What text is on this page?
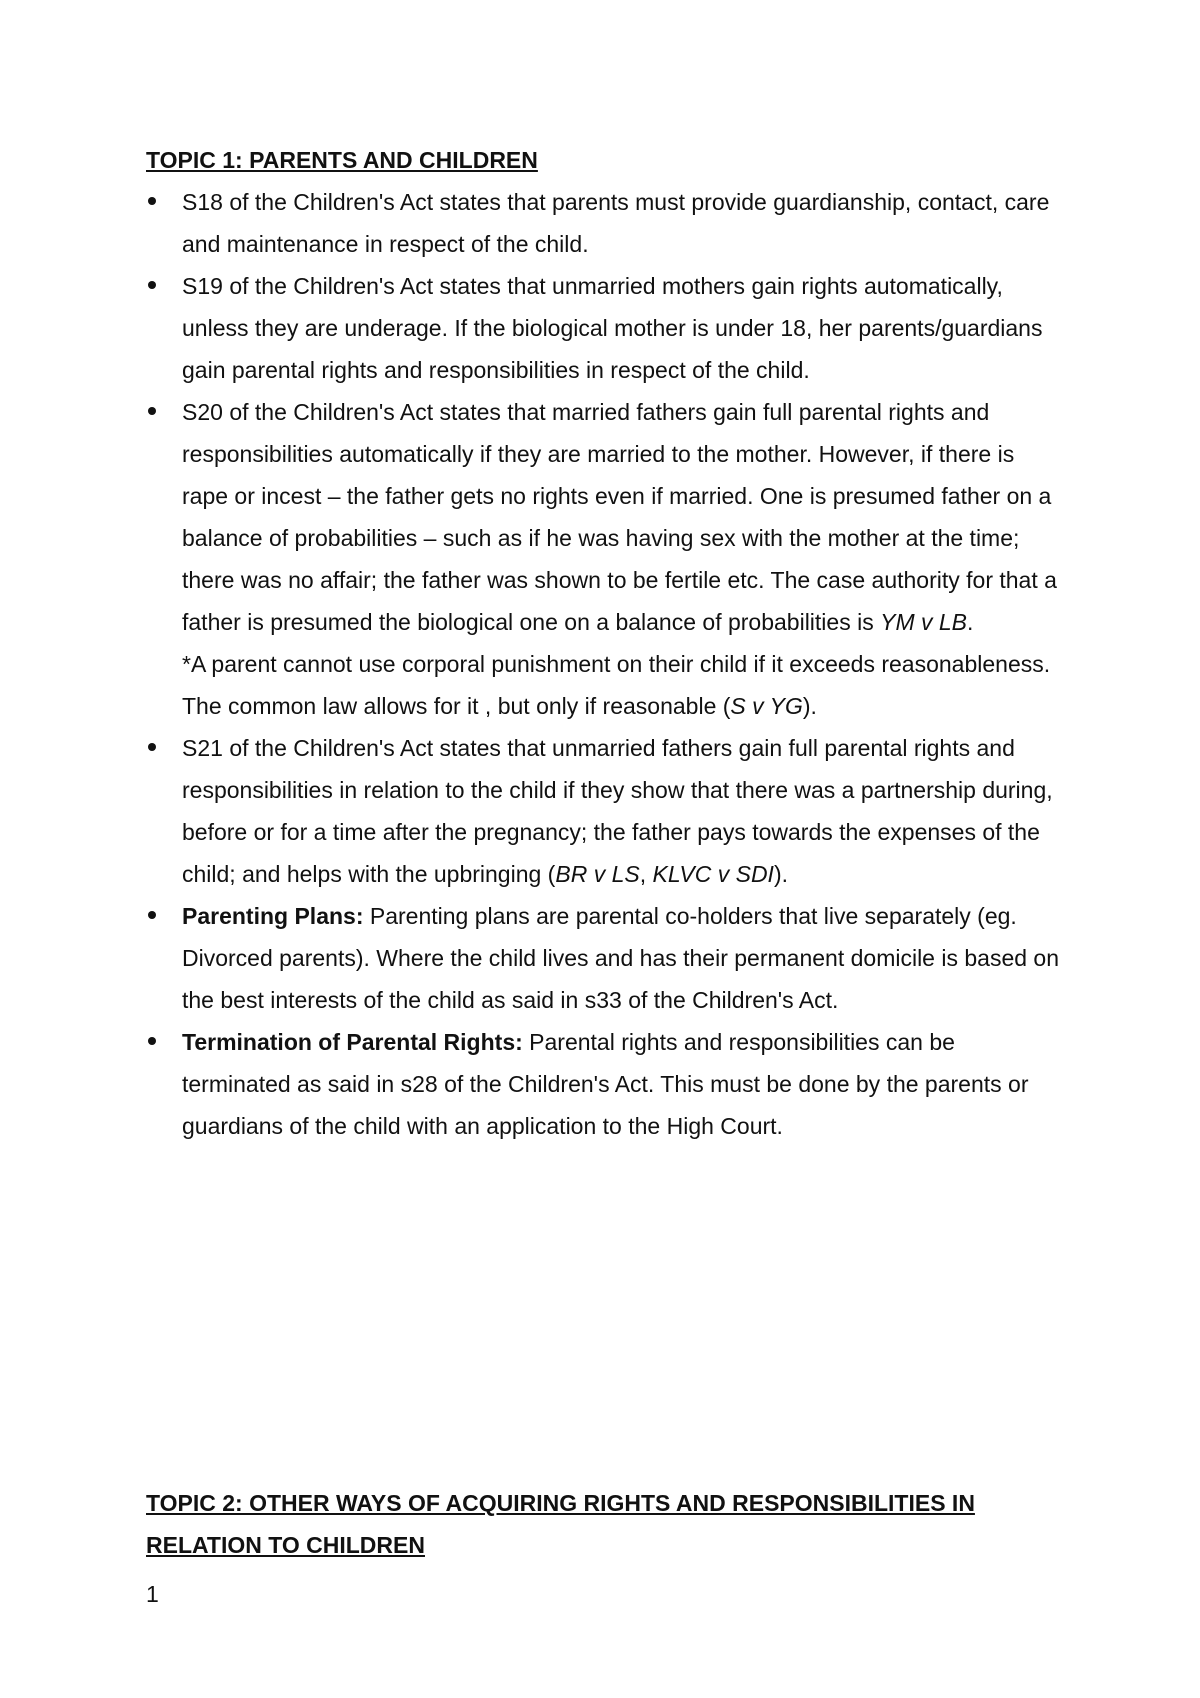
TOPIC 1: PARENTS AND CHILDREN
S18 of the Children's Act states that parents must provide guardianship, contact, care and maintenance in respect of the child.
S19 of the Children's Act states that unmarried mothers gain rights automatically, unless they are underage. If the biological mother is under 18, her parents/guardians gain parental rights and responsibilities in respect of the child.
S20 of the Children's Act states that married fathers gain full parental rights and responsibilities automatically if they are married to the mother. However, if there is rape or incest – the father gets no rights even if married. One is presumed father on a balance of probabilities – such as if he was having sex with the mother at the time; there was no affair; the father was shown to be fertile etc. The case authority for that a father is presumed the biological one on a balance of probabilities is YM v LB.
*A parent cannot use corporal punishment on their child if it exceeds reasonableness. The common law allows for it , but only if reasonable (S v YG).
S21 of the Children's Act states that unmarried fathers gain full parental rights and responsibilities in relation to the child if they show that there was a partnership during, before or for a time after the pregnancy; the father pays towards the expenses of the child; and helps with the upbringing (BR v LS, KLVC v SDI).
Parenting Plans: Parenting plans are parental co-holders that live separately (eg. Divorced parents). Where the child lives and has their permanent domicile is based on the best interests of the child as said in s33 of the Children's Act.
Termination of Parental Rights: Parental rights and responsibilities can be terminated as said in s28 of the Children's Act. This must be done by the parents or guardians of the child with an application to the High Court.
TOPIC 2: OTHER WAYS OF ACQUIRING RIGHTS AND RESPONSIBILITIES IN
RELATION TO CHILDREN
1
